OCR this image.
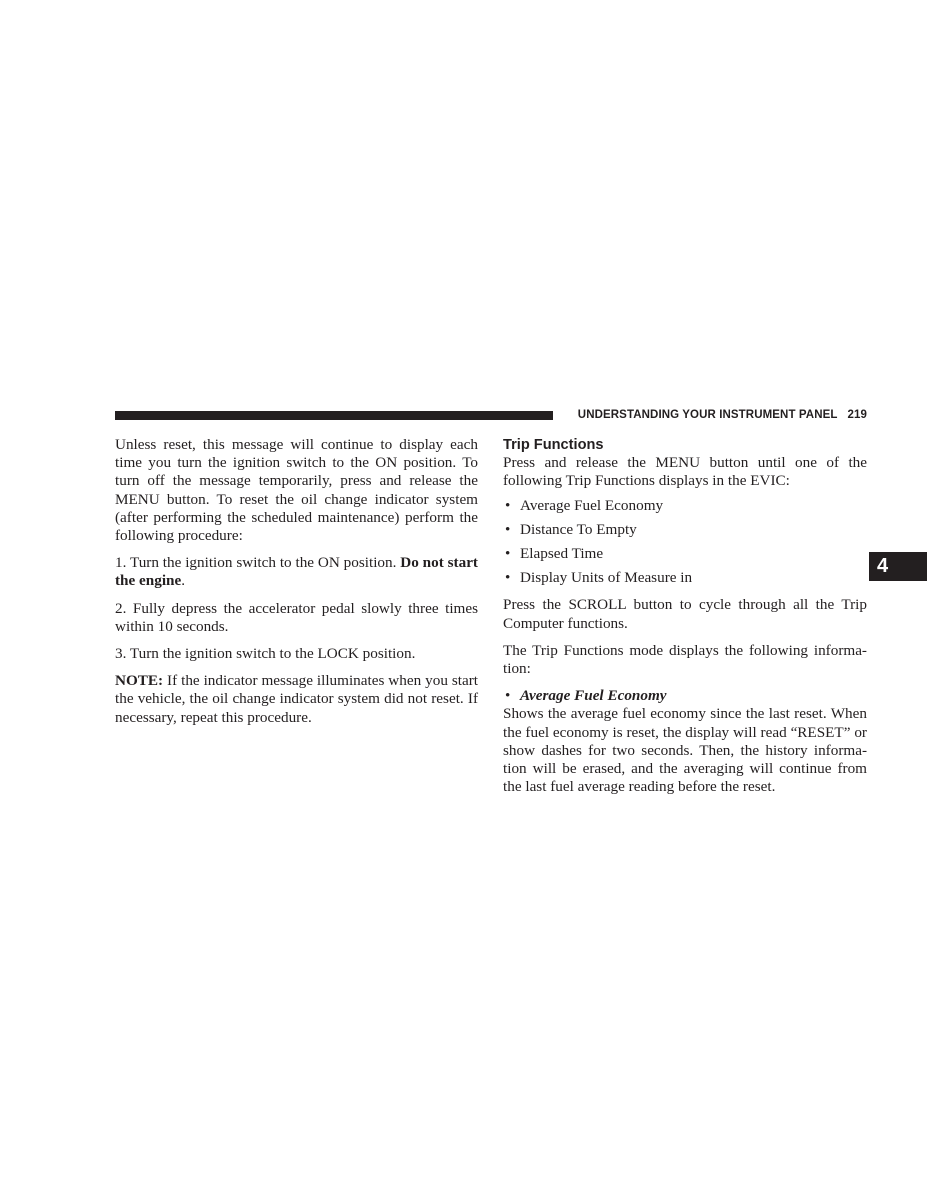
UNDERSTANDING YOUR INSTRUMENT PANEL 219

Unless reset, this message will continue to display each time you turn the ignition switch to the ON position. To turn off the message temporarily, press and release the MENU button. To reset the oil change indicator system (after performing the scheduled maintenance) perform the following procedure:

1. Turn the ignition switch to the ON position. Do not start the engine.

2. Fully depress the accelerator pedal slowly three times within 10 seconds.

3. Turn the ignition switch to the LOCK position.

NOTE: If the indicator message illuminates when you start the vehicle, the oil change indicator system did not reset. If necessary, repeat this procedure.

Trip Functions

Press and release the MENU button until one of the following Trip Functions displays in the EVIC:

• Average Fuel Economy
• Distance To Empty
• Elapsed Time
• Display Units of Measure in

Press the SCROLL button to cycle through all the Trip Computer functions.

The Trip Functions mode displays the following informa-tion:

• Average Fuel Economy

Shows the average fuel economy since the last reset. When the fuel economy is reset, the display will read “RESET” or show dashes for two seconds. Then, the history informa-tion will be erased, and the averaging will continue from the last fuel average reading before the reset.

4
